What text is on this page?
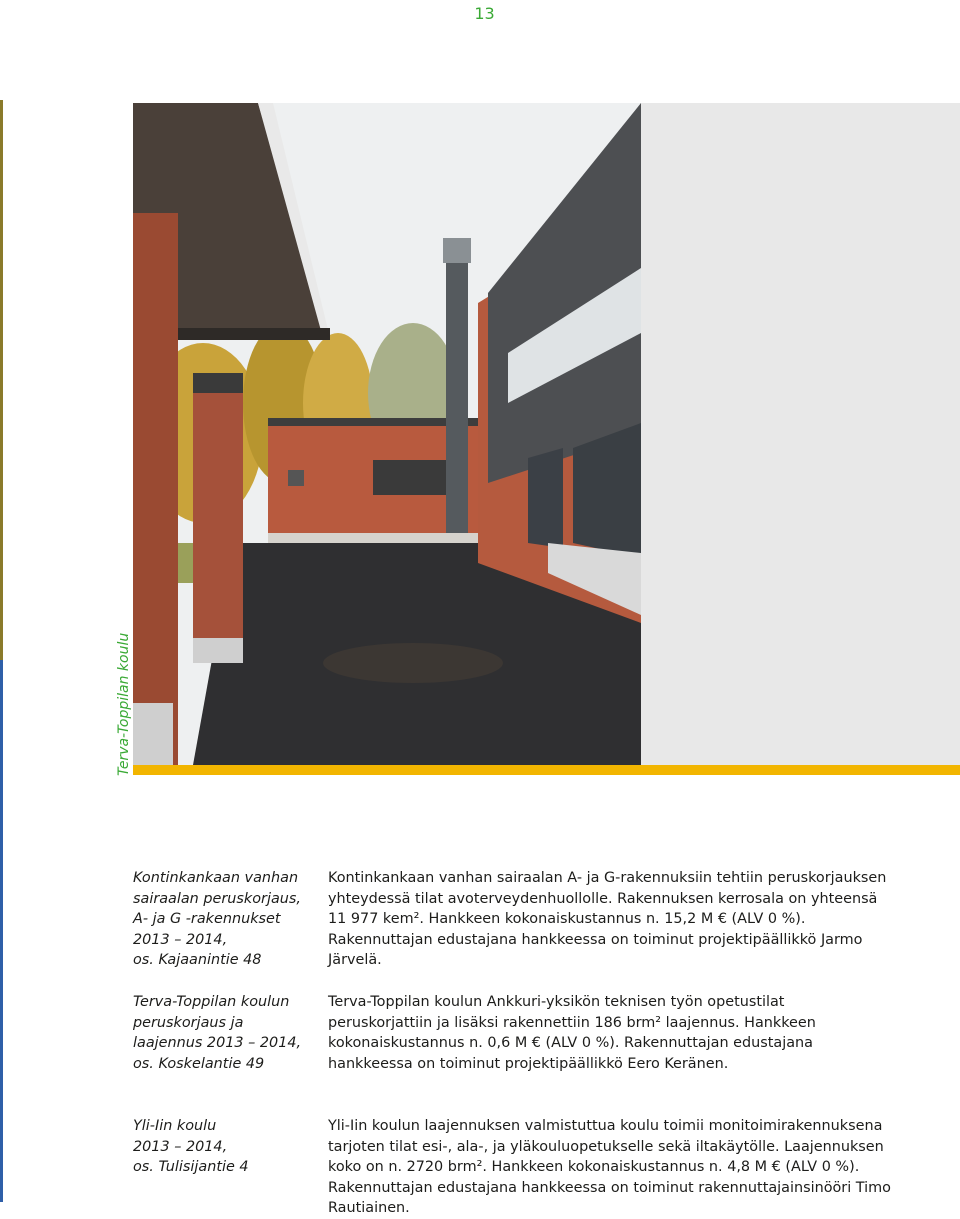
13
Terva-Toppilan koulu
Kontinkankaan vanhan
sairaalan peruskorjaus,
A- ja G -rakennukset
2013 – 2014,
os. Kajaanintie 48
Kontinkankaan vanhan sairaalan A- ja G-rakennuksiin tehtiin peruskorjauksen yhteydessä tilat avoterveydenhuollolle. Rakennuksen kerrosala on yhteensä 11 977 kem². Hankkeen kokonaiskustannus n. 15,2 M € (ALV 0 %). Rakennuttajan edustajana hankkeessa on toiminut projektipäällikkö Jarmo Järvelä.
Terva-Toppilan koulun
peruskorjaus ja
laajennus 2013 – 2014,
os. Koskelantie 49
Terva-Toppilan koulun Ankkuri-yksikön teknisen työn opetustilat peruskorjattiin ja lisäksi rakennettiin 186 brm² laajennus. Hankkeen kokonaiskustannus n. 0,6 M € (ALV 0 %). Rakennuttajan edustajana hankkeessa on toiminut projektipäällikkö Eero Keränen.
Yli-Iin koulu
2013 – 2014,
os. Tulisijantie 4
Yli-Iin koulun laajennuksen valmistuttua koulu toimii monitoimirakennuksena tarjoten tilat esi-, ala-, ja yläkouluopetukselle sekä iltakäytölle. Laajennuksen koko on n. 2720 brm². Hankkeen kokonaiskustannus n. 4,8 M € (ALV 0 %). Rakennuttajan edustajana hankkeessa on toiminut rakennuttajainsinööri Timo Rautiainen.
